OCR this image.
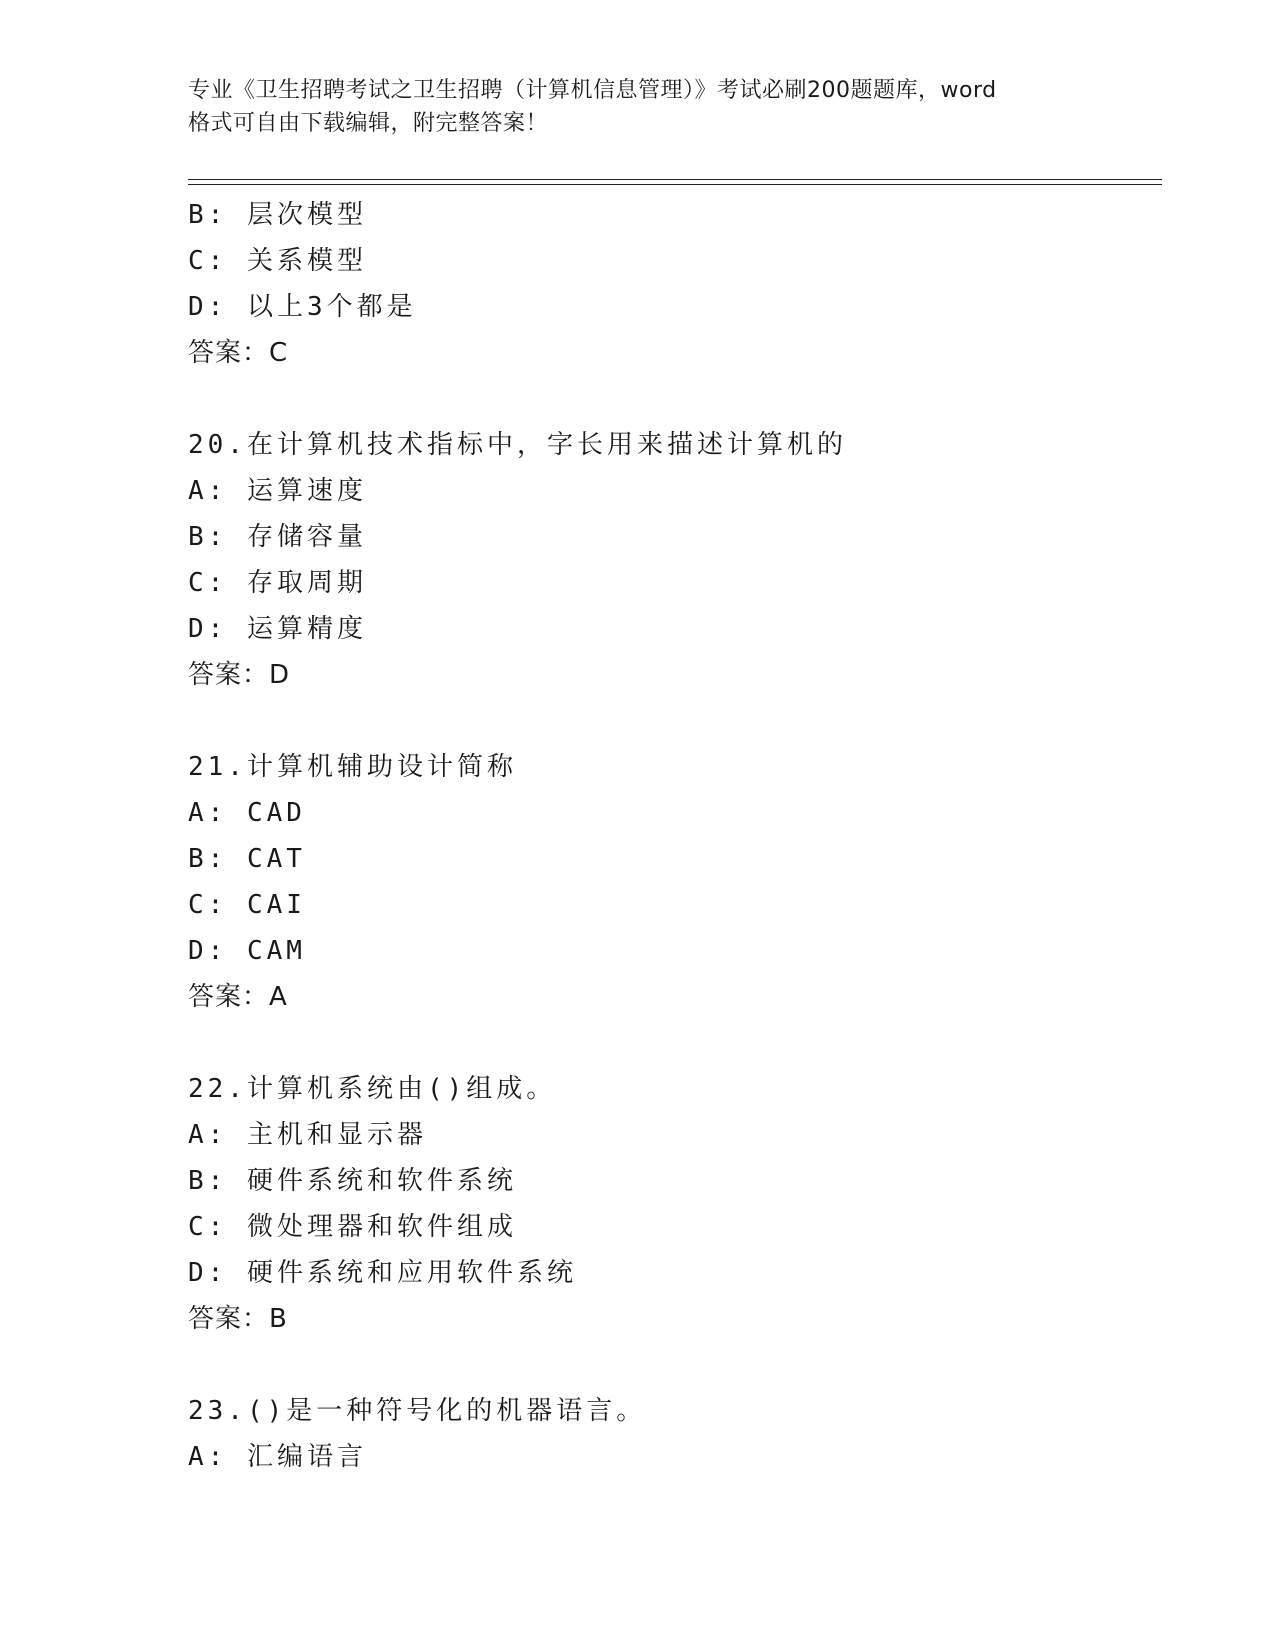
专业《卫生招聘考试之卫生招聘（计算机信息管理）》考试必刷200题题库，word
格式可自由下载编辑，附完整答案！
B: 层次模型
C: 关系模型
D: 以上3个都是
答案：C
20.在计算机技术指标中，字长用来描述计算机的
A: 运算速度
B: 存储容量
C: 存取周期
D: 运算精度
答案：D
21.计算机辅助设计简称
A: CAD
B: CAT
C: CAI
D: CAM
答案：A
22.计算机系统由()组成。
A: 主机和显示器
B: 硬件系统和软件系统
C: 微处理器和软件组成
D: 硬件系统和应用软件系统
答案：B
23.()是一种符号化的机器语言。
A: 汇编语言
